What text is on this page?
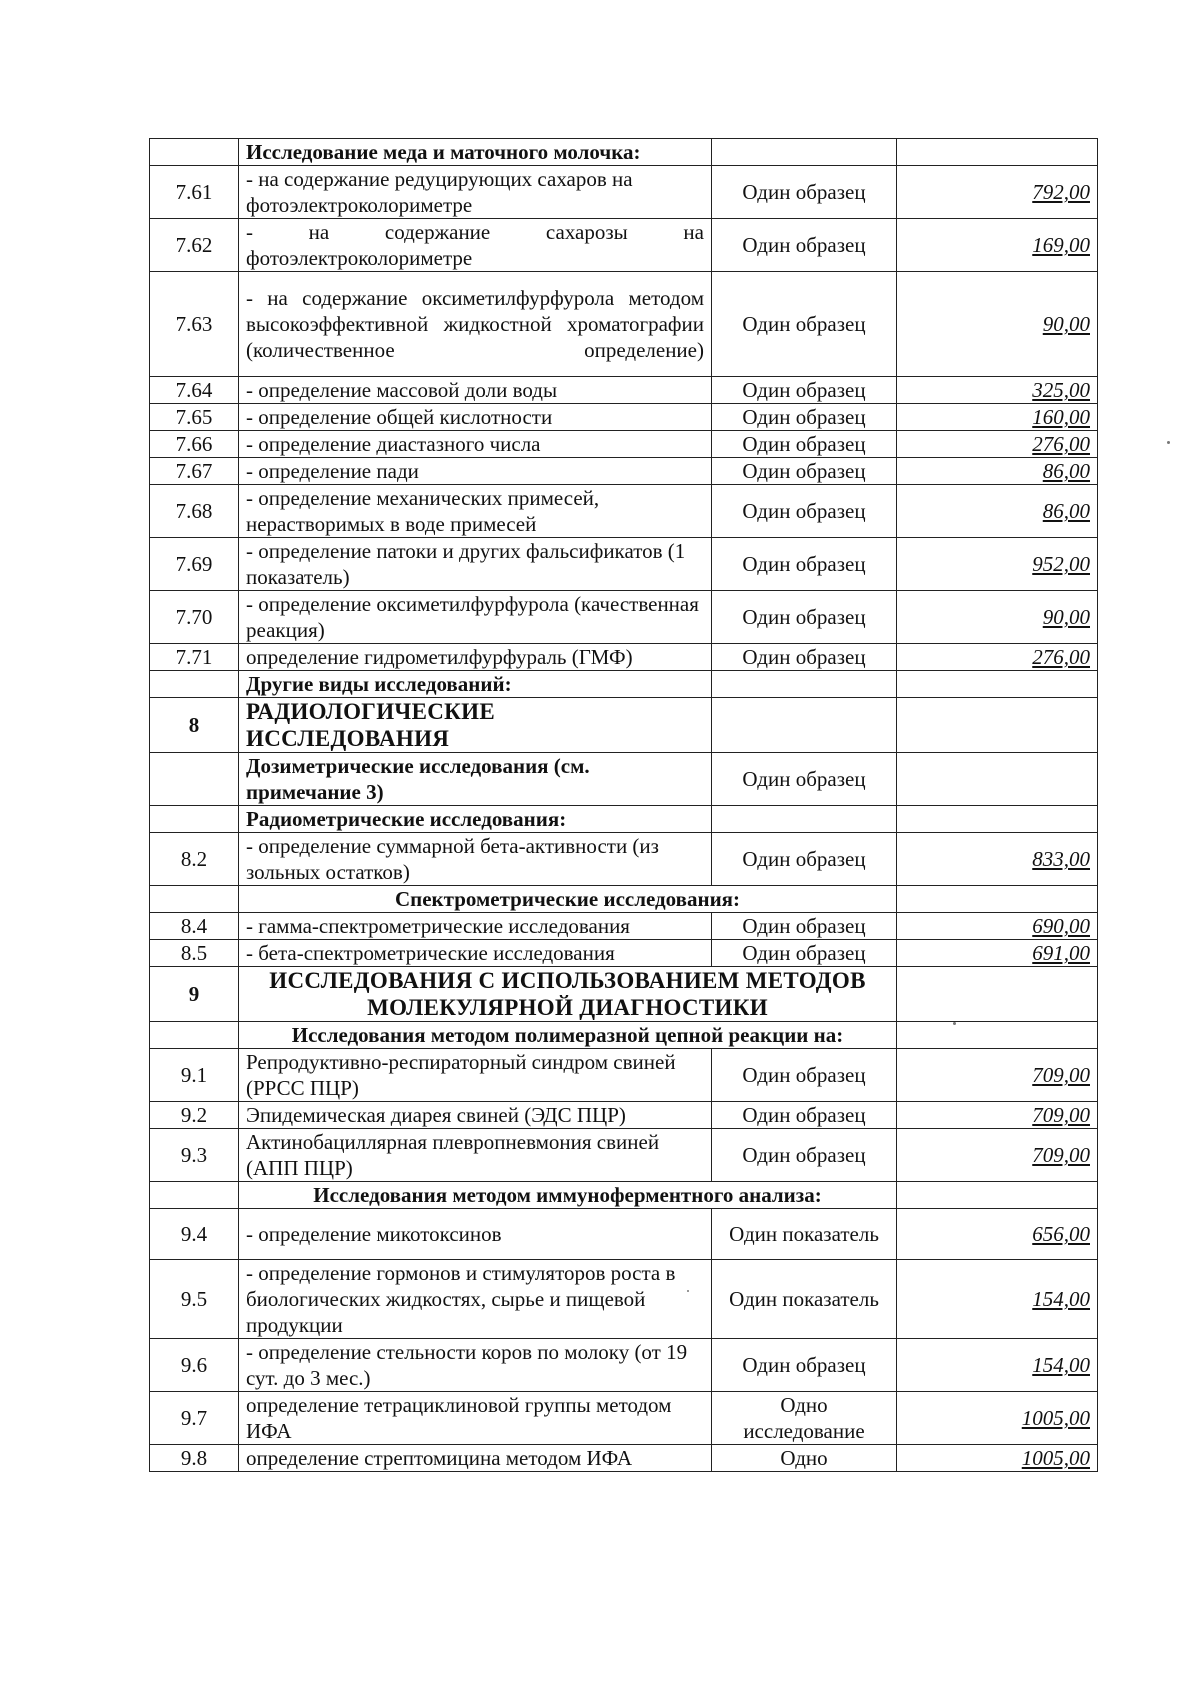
	Исследование меда и маточного молочка:		
7.61	- на содержание редуцирующих сахаров на фотоэлектроколориметре	Один образец	792,00
7.62	- на содержание сахарозы на фотоэлектроколориметре	Один образец	169,00
7.63	- на содержание оксиметилфурфурола методом высокоэффективной жидкостной хроматографии (количественное определение)	Один образец	90,00
7.64	- определение массовой доли воды	Один образец	325,00
7.65	- определение общей кислотности	Один образец	160,00
7.66	- определение диастазного числа	Один образец	276,00
7.67	- определение пади	Один образец	86,00
7.68	- определение механических примесей, нерастворимых в воде примесей	Один образец	86,00
7.69	- определение патоки и других фальсификатов (1 показатель)	Один образец	952,00
7.70	- определение оксиметилфурфурола (качественная реакция)	Один образец	90,00
7.71	определение гидрометилфурфураль (ГМФ)	Один образец	276,00
	Другие виды исследований:		
8	РАДИОЛОГИЧЕСКИЕ ИССЛЕДОВАНИЯ		
	Дозиметрические исследования (см. примечание 3)	Один образец	
	Радиометрические исследования:		
8.2	- определение суммарной бета-активности (из зольных остатков)	Один образец	833,00
	Спектрометрические исследования:		
8.4	- гамма-спектрометрические исследования	Один образец	690,00
8.5	- бета-спектрометрические исследования	Один образец	691,00
9	ИССЛЕДОВАНИЯ С ИСПОЛЬЗОВАНИЕМ МЕТОДОВ МОЛЕКУЛЯРНОЙ ДИАГНОСТИКИ		
	Исследования методом полимеразной цепной реакции на:		
9.1	Репродуктивно-респираторный синдром свиней (РРСС ПЦР)	Один образец	709,00
9.2	Эпидемическая диарея свиней (ЭДС ПЦР)	Один образец	709,00
9.3	Актинобациллярная плевропневмония свиней (АПП ПЦР)	Один образец	709,00
	Исследования методом иммуноферментного анализа:		
9.4	- определение микотоксинов	Один показатель	656,00
9.5	- определение гормонов и стимуляторов роста в биологических жидкостях, сырье и пищевой продукции	Один показатель	154,00
9.6	- определение стельности коров по молоку (от 19 сут. до 3 мес.)	Один образец	154,00
9.7	определение тетрациклиновой группы методом ИФА	Одно исследование	1005,00
9.8	определение стрептомицина методом ИФА	Одно	1005,00
